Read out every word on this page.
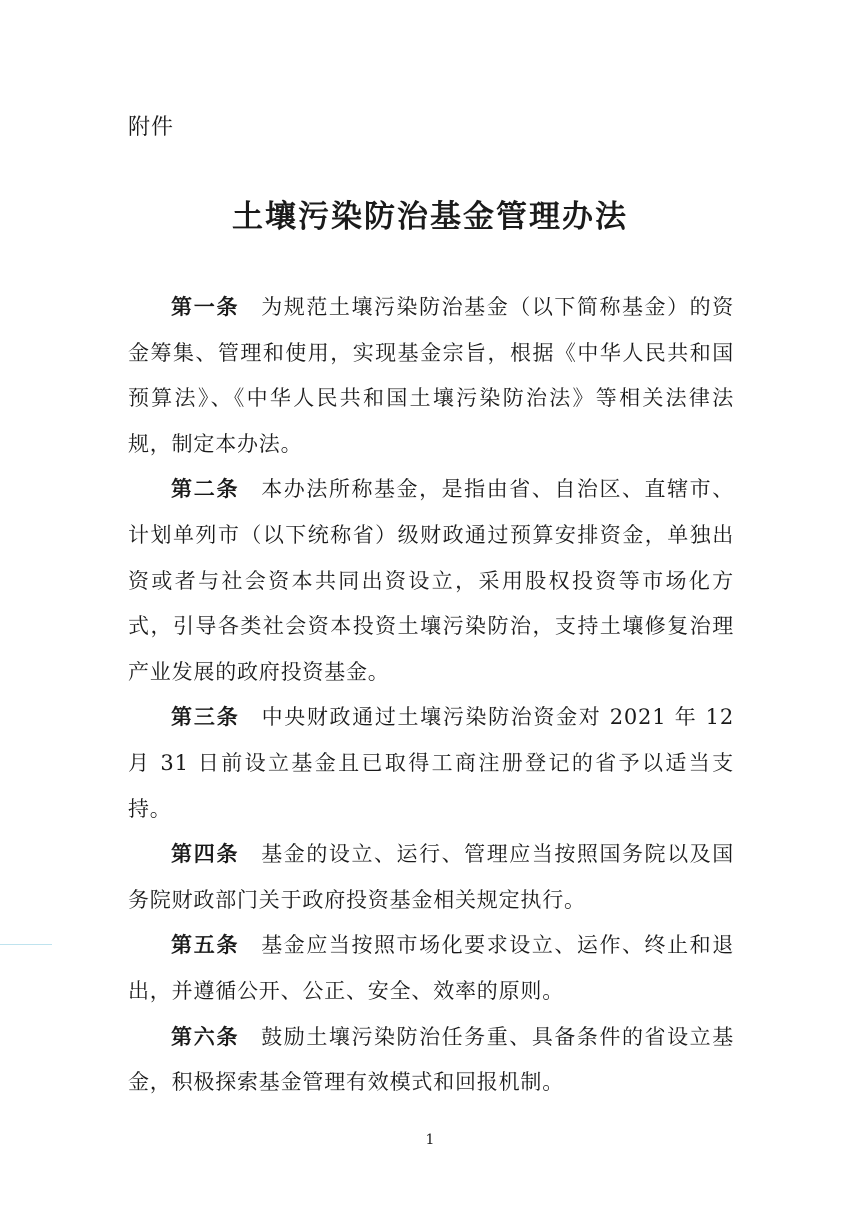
附件
土壤污染防治基金管理办法

第一条 为规范土壤污染防治基金（以下简称基金）的资金筹集、管理和使用，实现基金宗旨，根据《中华人民共和国预算法》、《中华人民共和国土壤污染防治法》等相关法律法规，制定本办法。

第二条 本办法所称基金，是指由省、自治区、直辖市、计划单列市（以下统称省）级财政通过预算安排资金，单独出资或者与社会资本共同出资设立，采用股权投资等市场化方式，引导各类社会资本投资土壤污染防治，支持土壤修复治理产业发展的政府投资基金。

第三条 中央财政通过土壤污染防治资金对 2021 年 12 月 31 日前设立基金且已取得工商注册登记的省予以适当支持。

第四条 基金的设立、运行、管理应当按照国务院以及国务院财政部门关于政府投资基金相关规定执行。

第五条 基金应当按照市场化要求设立、运作、终止和退出，并遵循公开、公正、安全、效率的原则。

第六条 鼓励土壤污染防治任务重、具备条件的省设立基金，积极探索基金管理有效模式和回报机制。

1
